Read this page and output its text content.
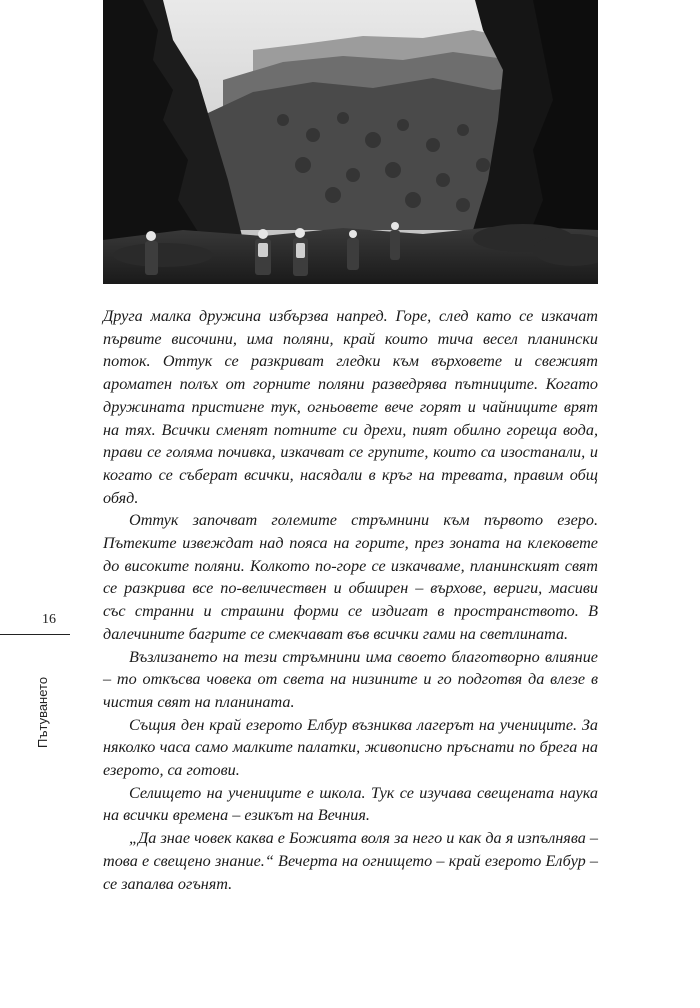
16
Пътуването

Друга малка дружина избързва напред. Горе, след като се изкачат първите височини, има поляни, край които тича весел планински поток. Оттук се разкриват гледки към върховете и свежият ароматен полъх от горните поляни разведрява пътниците. Когато дружината пристигне тук, огньовете вече горят и чайниците врят на тях. Всички сменят потните си дрехи, пият обилно гореща вода, прави се голяма почивка, изкачват се групите, които са изостанали, и когато се съберат всички, насядали в кръг на тревата, правим общ обяд.

Оттук започват големите стръмнини към първото езеро. Пътеките извеждат над пояса на горите, през зоната на клековете до високите поляни. Колкото по-горе се изкачваме, планинският свят се разкрива все по-величествен и обширен – върхове, вериги, масиви със странни и страшни форми се издигат в пространството. В далечините багрите се смекчават във всички гами на светлината.

Възлизането на тези стръмнини има своето благотворно влияние – то откъсва човека от света на низините и го подготвя да влезе в чистия свят на планината.

Същия ден край езерото Елбур възниква лагерът на учениците. За няколко часа само малките палатки, живописно пръснати по брега на езерото, са готови.

Селището на учениците е школа. Тук се изучава свещената наука на всички времена – езикът на Вечния.

„Да знае човек каква е Божията воля за него и как да я изпълнява – това е свещено знание.“ Вечерта на огнището – край езерото Елбур – се запалва огънят.
